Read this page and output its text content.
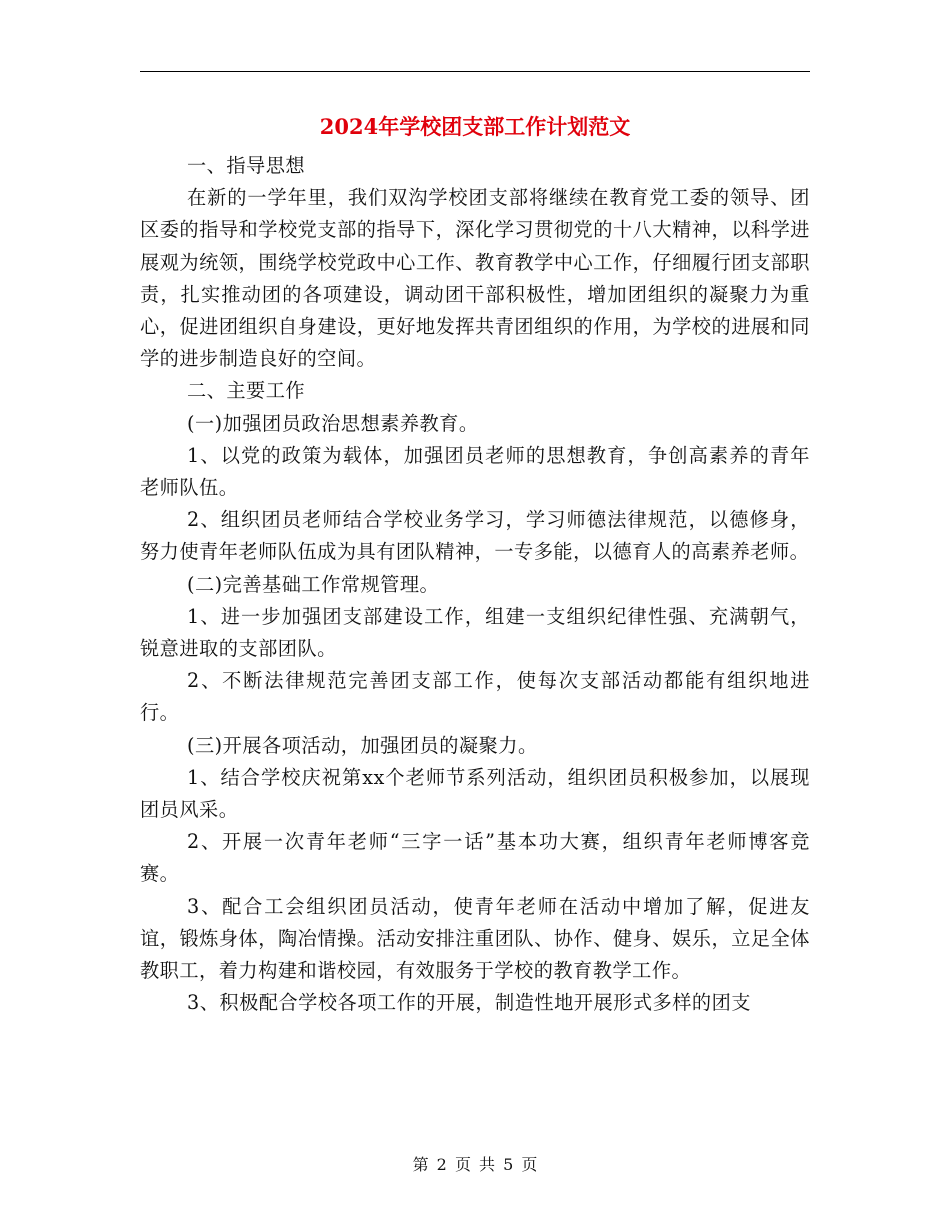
2024年学校团支部工作计划范文

一、指导思想

在新的一学年里，我们双沟学校团支部将继续在教育党工委的领导、团区委的指导和学校党支部的指导下，深化学习贯彻党的十八大精神，以科学进展观为统领，围绕学校党政中心工作、教育教学中心工作，仔细履行团支部职责，扎实推动团的各项建设，调动团干部积极性，增加团组织的凝聚力为重心，促进团组织自身建设，更好地发挥共青团组织的作用，为学校的进展和同学的进步制造良好的空间。

二、主要工作

(一)加强团员政治思想素养教育。

1、以党的政策为载体，加强团员老师的思想教育，争创高素养的青年老师队伍。

2、组织团员老师结合学校业务学习，学习师德法律规范，以德修身，努力使青年老师队伍成为具有团队精神，一专多能，以德育人的高素养老师。

(二)完善基础工作常规管理。

1、进一步加强团支部建设工作，组建一支组织纪律性强、充满朝气，锐意进取的支部团队。

2、不断法律规范完善团支部工作，使每次支部活动都能有组织地进行。

(三)开展各项活动，加强团员的凝聚力。

1、结合学校庆祝第xx个老师节系列活动，组织团员积极参加，以展现团员风采。

2、开展一次青年老师“三字一话”基本功大赛，组织青年老师博客竞赛。

3、配合工会组织团员活动，使青年老师在活动中增加了解，促进友谊，锻炼身体，陶冶情操。活动安排注重团队、协作、健身、娱乐，立足全体教职工，着力构建和谐校园，有效服务于学校的教育教学工作。

3、积极配合学校各项工作的开展，制造性地开展形式多样的团支

第 2 页 共 5 页
